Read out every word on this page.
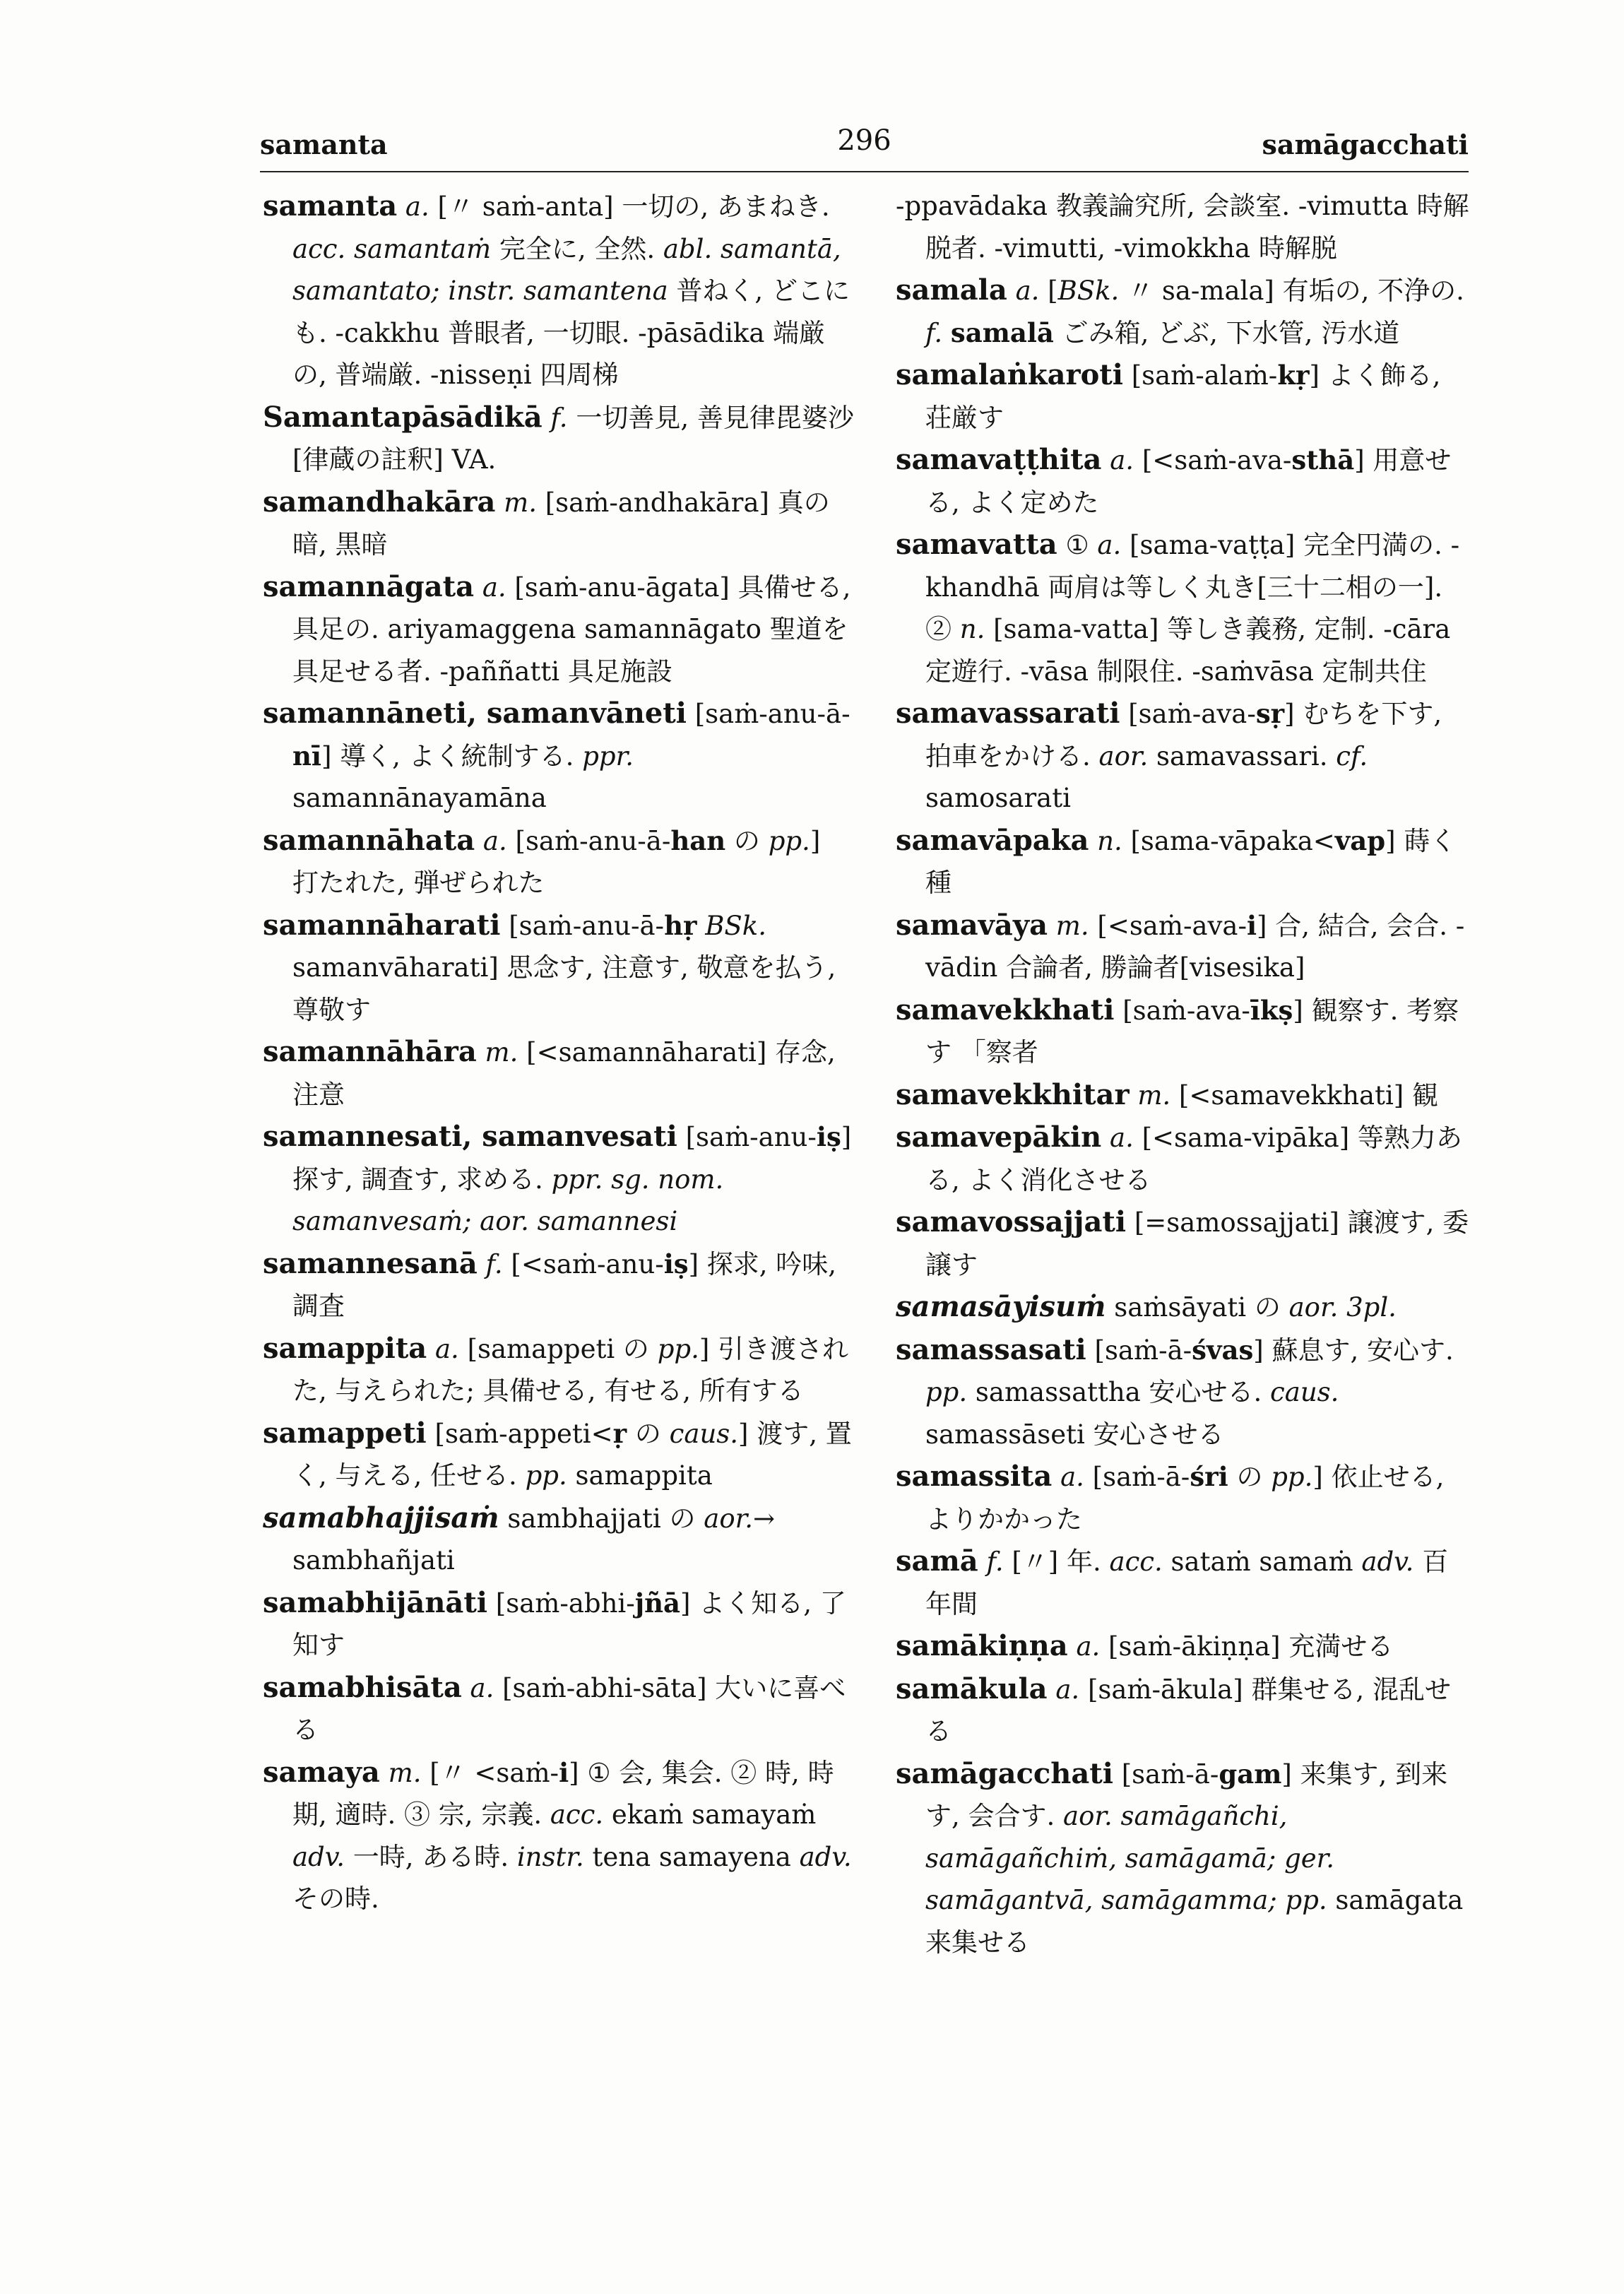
samanta	296	samāgacchati

samanta a. [〃 saṁ-anta] 一切の, あまねき. acc. samantaṁ 完全に, 全然. abl. samantā, samantato; instr. samantena 普ねく, どこにも. -cakkhu 普眼者, 一切眼. -pāsādika 端厳の, 普端厳. -nisseṇi 四周梯

Samantapāsādikā f. 一切善見, 善見律毘婆沙[律蔵の註釈] VA.

samandhakāra m. [saṁ-andhakāra] 真の暗, 黒暗

samannāgata a. [saṁ-anu-āgata] 具備せる, 具足の. ariyamaggena samannāgato 聖道を具足せる者. -paññatti 具足施設

samannāneti, samanvāneti [saṁ-anu-ā-nī] 導く, よく統制する. ppr. samannānayamāna

samannāhata a. [saṁ-anu-ā-han の pp.] 打たれた, 弾ぜられた

samannāharati [saṁ-anu-ā-hṛ BSk. samanvāharati] 思念す, 注意す, 敬意を払う, 尊敬す

samannāhāra m. [<samannāharati] 存念, 注意

samannesati, samanvesati [saṁ-anu-iṣ] 探す, 調査す, 求める. ppr. sg. nom. samanvesaṁ; aor. samannesi

samannesanā f. [<saṁ-anu-iṣ] 探求, 吟味, 調査

samappita a. [samappeti の pp.] 引き渡された, 与えられた; 具備せる, 有せる, 所有する

samappeti [saṁ-appeti<ṛ の caus.] 渡す, 置く, 与える, 任せる. pp. samappita

samabhajjisaṁ sambhajjati の aor.→ sambhañjati

samabhijānāti [saṁ-abhi-jñā] よく知る, 了知す

samabhisāta a. [saṁ-abhi-sāta] 大いに喜べる

samaya m. [〃 <saṁ-i] ① 会, 集会. ② 時, 時期, 適時. ③ 宗, 宗義. acc. ekaṁ samayaṁ adv. 一時, ある時. instr. tena samayena adv. その時.

-ppavādaka 教義論究所, 会談室. -vimutta 時解脱者. -vimutti, -vimokkha 時解脱

samala a. [BSk. 〃 sa-mala] 有垢の, 不浄の. f. samalā ごみ箱, どぶ, 下水管, 汚水道

samalaṅkaroti [saṁ-alaṁ-kṛ] よく飾る, 荘厳す

samavaṭṭhita a. [<saṁ-ava-sthā] 用意せる, よく定めた

samavatta ① a. [sama-vaṭṭa] 完全円満の. -khandhā 両肩は等しく丸き[三十二相の一]. ② n. [sama-vatta] 等しき義務, 定制. -cāra 定遊行. -vāsa 制限住. -saṁvāsa 定制共住

samavassarati [saṁ-ava-sṛ] むちを下す, 拍車をかける. aor. samavassari. cf. samosarati

samavāpaka n. [sama-vāpaka<vap] 蒔く種

samavāya m. [<saṁ-ava-i] 合, 結合, 会合. -vādin 合論者, 勝論者[visesika]

samavekkhati [saṁ-ava-īkṣ] 観察す. 考察す 「察者

samavekkhitar m. [<samavekkhati] 観

samavepākin a. [<sama-vipāka] 等熟力ある, よく消化させる

samavossajjati [=samossajjati] 譲渡す, 委譲す

samasāyisuṁ saṁsāyati の aor. 3pl.

samassasati [saṁ-ā-śvas] 蘇息す, 安心す. pp. samassattha 安心せる. caus. samassāseti 安心させる

samassita a. [saṁ-ā-śri の pp.] 依止せる, よりかかった

samā f. [〃] 年. acc. sataṁ samaṁ adv. 百年間

samākiṇṇa a. [saṁ-ākiṇṇa] 充満せる

samākula a. [saṁ-ākula] 群集せる, 混乱せる

samāgacchati [saṁ-ā-gam] 来集す, 到来す, 会合す. aor. samāgañchi, samāgañchiṁ, samāgamā; ger. samāgantvā, samāgamma; pp. samāgata 来集せる
